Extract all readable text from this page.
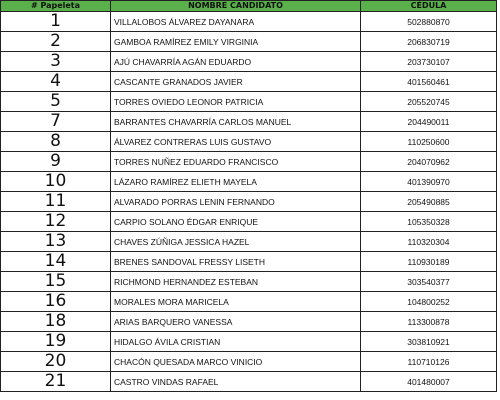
# Papeleta	NOMBRE CANDIDATO	CÉDULA
1	VILLALOBOS ÁLVAREZ DAYANARA	502880870
2	GAMBOA RAMÍREZ EMILY VIRGINIA	206830719
3	AJÚ CHAVARRÍA AGÁN EDUARDO	203730107
4	CASCANTE GRANADOS JAVIER	401560461
5	TORRES OVIEDO LEONOR PATRICIA	205520745
7	BARRANTES CHAVARRÍA CARLOS MANUEL	204490011
8	ÁLVAREZ CONTRERAS LUIS GUSTAVO	110250600
9	TORRES NUÑEZ EDUARDO FRANCISCO	204070962
10	LÁZARO RAMÍREZ ELIETH MAYELA	401390970
11	ALVARADO PORRAS LENIN FERNANDO	205490885
12	CARPIO SOLANO ÉDGAR ENRIQUE	105350328
13	CHAVES ZÚÑIGA JESSICA HAZEL	110320304
14	BRENES SANDOVAL FRESSY LISETH	110930189
15	RICHMOND HERNANDEZ ESTEBAN	303540377
16	MORALES MORA MARICELA	104800252
18	ARIAS BARQUERO VANESSA	113300878
19	HIDALGO ÁVILA CRISTIAN	303810921
20	CHACÓN QUESADA MARCO VINICIO	110710126
21	CASTRO VINDAS RAFAEL	401480007
